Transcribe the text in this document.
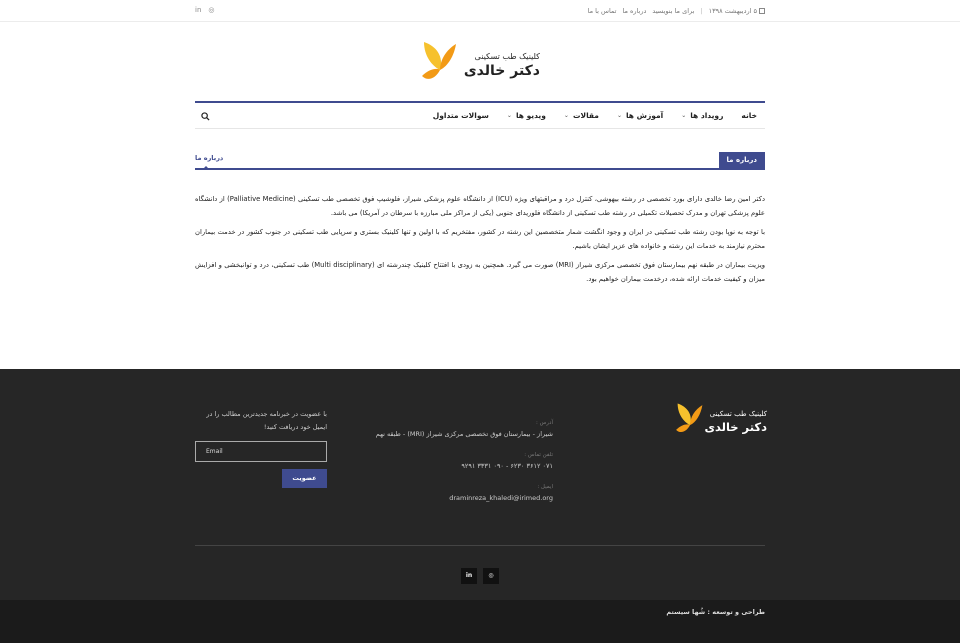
in ◎	۵ اردیبهشت ۱۳۹۸
|
برای ما بنویسید
درباره ما
تماس با ما
کلینیک طب تسکینی
دکتر خالدی
خانه
رویداد ها
⌄
آموزش ها
⌄
مقالات
⌄
ویدیو ها
⌄
سوالات متداول
درباره ما
درباره ما

دکتر امین رضا خالدی دارای بورد تخصصی در رشته بیهوشی، کنترل درد و مراقبتهای ویژه (ICU) از دانشگاه علوم پزشکی شیراز، فلوشیپ فوق تخصصی طب تسکینی (Palliative Medicine) از دانشگاه علوم پزشکی تهران و مدرک تحصیلات تکمیلی در رشته طب تسکینی از دانشگاه فلوریدای جنوبی (یکی از مراکز ملی مبارزه با سرطان در آمریکا) می باشد.

با توجه به نوپا بودن رشته طب تسکینی در ایران و وجود انگشت شمار متخصصین این رشته در کشور، مفتخریم که با اولین و تنها کلینیک بستری و سرپایی طب تسکینی در جنوب کشور در خدمت بیماران محترم نیازمند به خدمات این رشته و خانواده های عزیز ایشان باشیم.

ویزیت بیماران در طبقه نهم بیمارستان فوق تخصصی مرکزی شیراز (MRI) صورت می گیرد. همچنین به زودی با افتتاح کلینیک چندرشته ای (Multi disciplinary) طب تسکینی، درد و توانبخشی و افزایش میزان و کیفیت خدمات ارائه شده، درخدمت بیماران خواهیم بود.

کلینیک طب تسکینی
دکتر خالدی
آدرس :
شیراز - بیمارستان فوق تخصصی مرکزی شیراز (MRI) - طبقه نهم
تلفن تماس :
۰۷۱ ۳۶۱۲ ۶۲۳۰ - ۰۹۰ ۳۳۳۱ ۹۲۹۱
ایمیل :
draminreza_khaledi@irimed.org
با عضویت در خبرنامه جدیدترین مطالب را در ایمیل خود دریافت کنید!
Email
عضویت
in	◎
طراحی و توسعه : شُها سیستم
